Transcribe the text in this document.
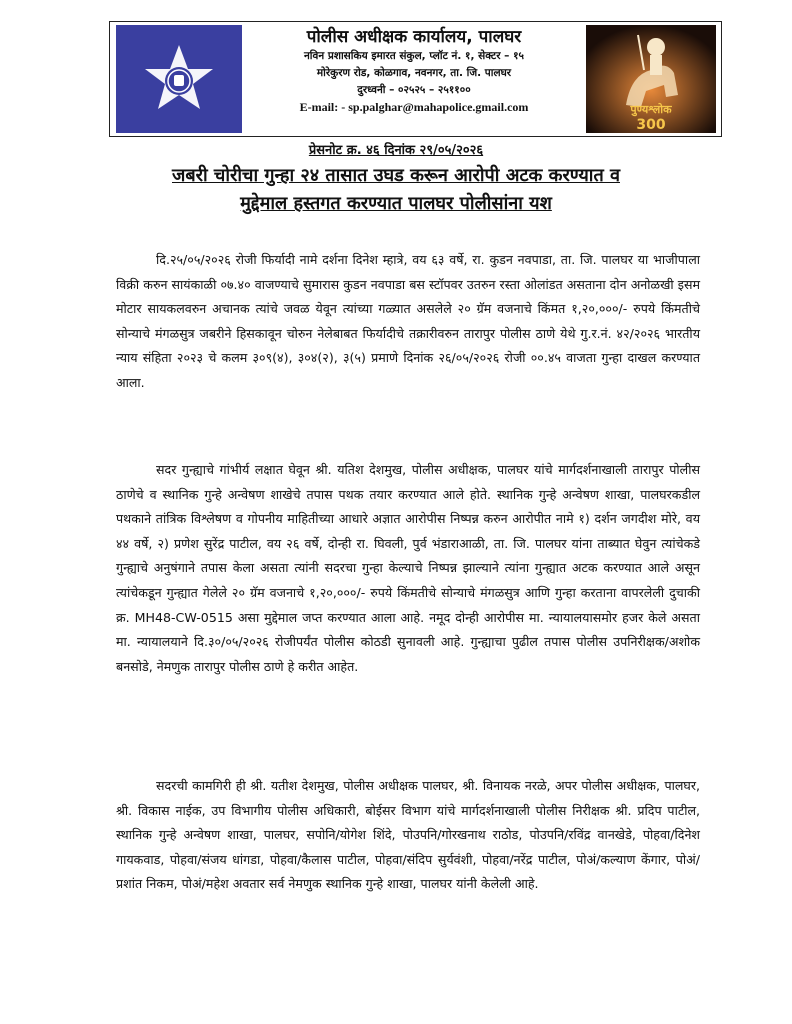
पोलीस अधीक्षक कार्यालय, पालघर
नविन प्रशासकिय इमारत संकुल, प्लॉट नं. १, सेक्टर – १५
मोरेकुरण रोड, कोळगाव, नवनगर, ता. जि. पालघर
दुरध्वनी – ०२५२५ – २५११००
E-mail: - sp.palghar@mahapolice.gmail.com	पुण्यश्लोक
300
प्रेसनोट क्र. ४६ दिनांक २९/०५/२०२६
जबरी चोरीचा गुन्हा २४ तासात उघड करून आरोपी अटक करण्यात व
मुद्देमाल हस्तगत करण्यात पालघर पोलीसांना यश

दि.२५/०५/२०२६ रोजी फिर्यादी नामे दर्शना दिनेश म्हात्रे, वय ६३ वर्षे, रा. कुडन नवपाडा, ता. जि. पालघर या भाजीपाला विक्री करुन सायंकाळी ०७.४० वाजण्याचे सुमारास कुडन नवपाडा बस स्टॉपवर उतरुन रस्ता ओलांडत असताना दोन अनोळखी इसम मोटार सायकलवरुन अचानक त्यांचे जवळ येवून त्यांच्या गळ्यात असलेले २० ग्रॅम वजनाचे किंमत १,२०,०००/- रुपये किंमतीचे सोन्याचे मंगळसुत्र जबरीने हिसकावून चोरुन नेलेबाबत फिर्यादीचे तक्रारीवरुन तारापुर पोलीस ठाणे येथे गु.र.नं. ४२/२०२६ भारतीय न्याय संहिता २०२३ चे कलम ३०९(४), ३०४(२), ३(५) प्रमाणे दिनांक २६/०५/२०२६ रोजी ००.४५ वाजता गुन्हा दाखल करण्यात आला.

सदर गुन्ह्याचे गांभीर्य लक्षात घेवून श्री. यतिश देशमुख, पोलीस अधीक्षक, पालघर यांचे मार्गदर्शनाखाली तारापुर पोलीस ठाणेचे व स्थानिक गुन्हे अन्वेषण शाखेचे तपास पथक तयार करण्यात आले होते. स्थानिक गुन्हे अन्वेषण शाखा, पालघरकडील पथकाने तांत्रिक विश्लेषण व गोपनीय माहितीच्या आधारे अज्ञात आरोपीस निष्पन्न करुन आरोपीत नामे १) दर्शन जगदीश मोरे, वय ४४ वर्षे, २) प्रणेश सुरेंद्र पाटील, वय २६ वर्षे, दोन्ही रा. घिवली, पुर्व भंडाराआळी, ता. जि. पालघर यांना ताब्यात घेवुन त्यांचेकडे गुन्ह्याचे अनुषंगाने तपास केला असता त्यांनी सदरचा गुन्हा केल्याचे निष्पन्न झाल्याने त्यांना गुन्ह्यात अटक करण्यात आले असून त्यांचेकडून गुन्ह्यात गेलेले २० ग्रॅम वजनाचे १,२०,०००/- रुपये किंमतीचे सोन्याचे मंगळसुत्र आणि गुन्हा करताना वापरलेली दुचाकी क्र. MH48-CW-0515 असा मुद्देमाल जप्त करण्यात आला आहे. नमूद दोन्ही आरोपीस मा. न्यायालयासमोर हजर केले असता मा. न्यायालयाने दि.३०/०५/२०२६ रोजीपर्यंत पोलीस कोठडी सुनावली आहे. गुन्ह्याचा पुढील तपास पोलीस उपनिरीक्षक/अशोक बनसोडे, नेमणुक तारापुर पोलीस ठाणे हे करीत आहेत.

सदरची कामगिरी ही श्री. यतीश देशमुख, पोलीस अधीक्षक पालघर, श्री. विनायक नरळे, अपर पोलीस अधीक्षक, पालघर, श्री. विकास नाईक, उप विभागीय पोलीस अधिकारी, बोईसर विभाग यांचे मार्गदर्शनाखाली पोलीस निरीक्षक श्री. प्रदिप पाटील, स्थानिक गुन्हे अन्वेषण शाखा, पालघर, सपोनि/योगेश शिंदे, पोउपनि/गोरखनाथ राठोड, पोउपनि/रविंद्र वानखेडे, पोहवा/दिनेश गायकवाड, पोहवा/संजय धांगडा, पोहवा/कैलास पाटील, पोहवा/संदिप सुर्यवंशी, पोहवा/नरेंद्र पाटील, पोअं/कल्याण केंगार, पोअं/प्रशांत निकम, पोअं/महेश अवतार सर्व नेमणुक स्थानिक गुन्हे शाखा, पालघर यांनी केलेली आहे.
